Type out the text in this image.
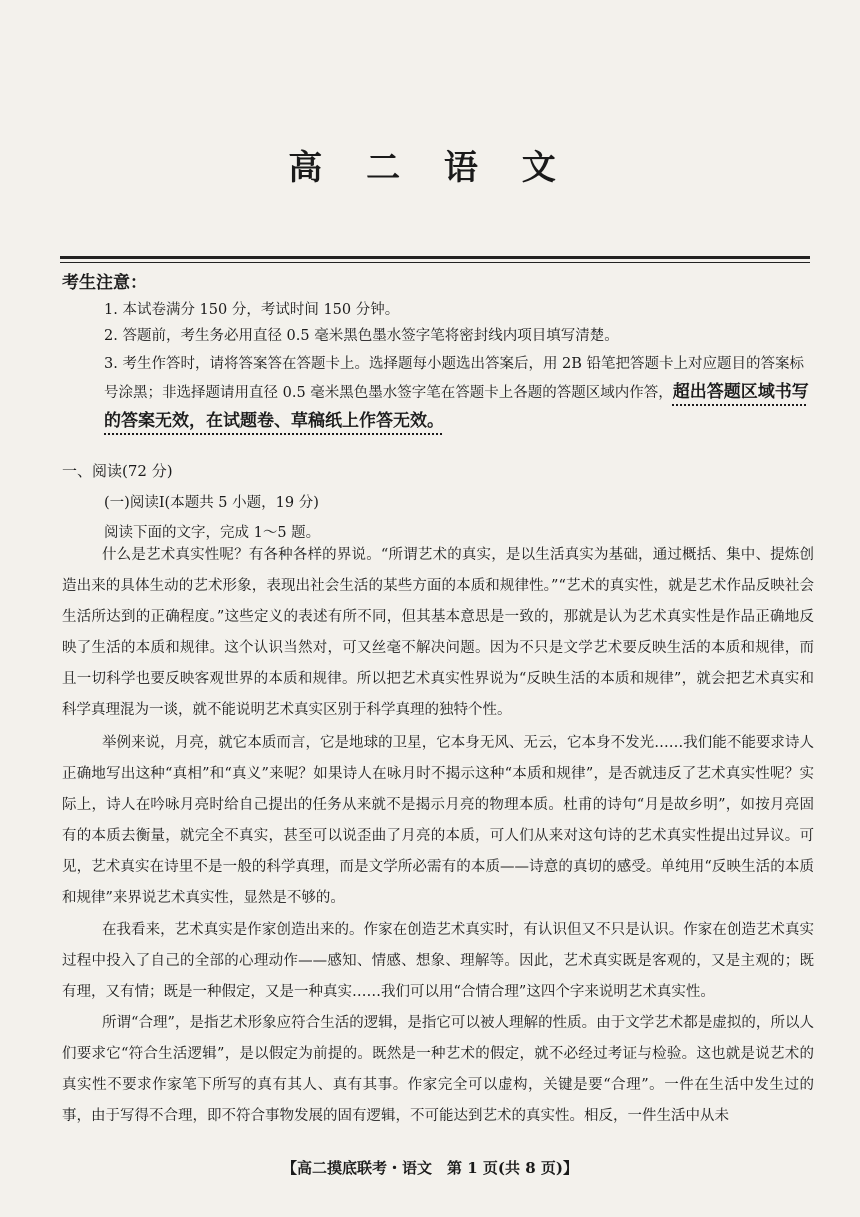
高 二 语 文
考生注意：
1. 本试卷满分 150 分，考试时间 150 分钟。
2. 答题前，考生务必用直径 0.5 毫米黑色墨水签字笔将密封线内项目填写清楚。
3. 考生作答时，请将答案答在答题卡上。选择题每小题选出答案后，用 2B 铅笔把答题卡上对应题目的答案标号涂黑；非选择题请用直径 0.5 毫米黑色墨水签字笔在答题卡上各题的答题区域内作答，超出答题区域书写的答案无效，在试题卷、草稿纸上作答无效。
一、阅读(72 分)
(一)阅读Ⅰ(本题共 5 小题，19 分)
阅读下面的文字，完成 1～5 题。

什么是艺术真实性呢？有各种各样的界说。“所谓艺术的真实，是以生活真实为基础，通过概括、集中、提炼创造出来的具体生动的艺术形象，表现出社会生活的某些方面的本质和规律性。”“艺术的真实性，就是艺术作品反映社会生活所达到的正确程度。”这些定义的表述有所不同，但其基本意思是一致的，那就是认为艺术真实性是作品正确地反映了生活的本质和规律。这个认识当然对，可又丝毫不解决问题。因为不只是文学艺术要反映生活的本质和规律，而且一切科学也要反映客观世界的本质和规律。所以把艺术真实性界说为“反映生活的本质和规律”，就会把艺术真实和科学真理混为一谈，就不能说明艺术真实区别于科学真理的独特个性。

举例来说，月亮，就它本质而言，它是地球的卫星，它本身无风、无云，它本身不发光……我们能不能要求诗人正确地写出这种“真相”和“真义”来呢？如果诗人在咏月时不揭示这种“本质和规律”，是否就违反了艺术真实性呢？实际上，诗人在吟咏月亮时给自己提出的任务从来就不是揭示月亮的物理本质。杜甫的诗句“月是故乡明”，如按月亮固有的本质去衡量，就完全不真实，甚至可以说歪曲了月亮的本质，可人们从来对这句诗的艺术真实性提出过异议。可见，艺术真实在诗里不是一般的科学真理，而是文学所必需有的本质——诗意的真切的感受。单纯用“反映生活的本质和规律”来界说艺术真实性，显然是不够的。

在我看来，艺术真实是作家创造出来的。作家在创造艺术真实时，有认识但又不只是认识。作家在创造艺术真实过程中投入了自己的全部的心理动作——感知、情感、想象、理解等。因此，艺术真实既是客观的，又是主观的；既有理，又有情；既是一种假定，又是一种真实……我们可以用“合情合理”这四个字来说明艺术真实性。

所谓“合理”，是指艺术形象应符合生活的逻辑，是指它可以被人理解的性质。由于文学艺术都是虚拟的，所以人们要求它“符合生活逻辑”，是以假定为前提的。既然是一种艺术的假定，就不必经过考证与检验。这也就是说艺术的真实性不要求作家笔下所写的真有其人、真有其事。作家完全可以虚构，关键是要“合理”。一件在生活中发生过的事，由于写得不合理，即不符合事物发展的固有逻辑，不可能达到艺术的真实性。相反，一件生活中从未

【高二摸底联考・语文　第 1 页(共 8 页)】
